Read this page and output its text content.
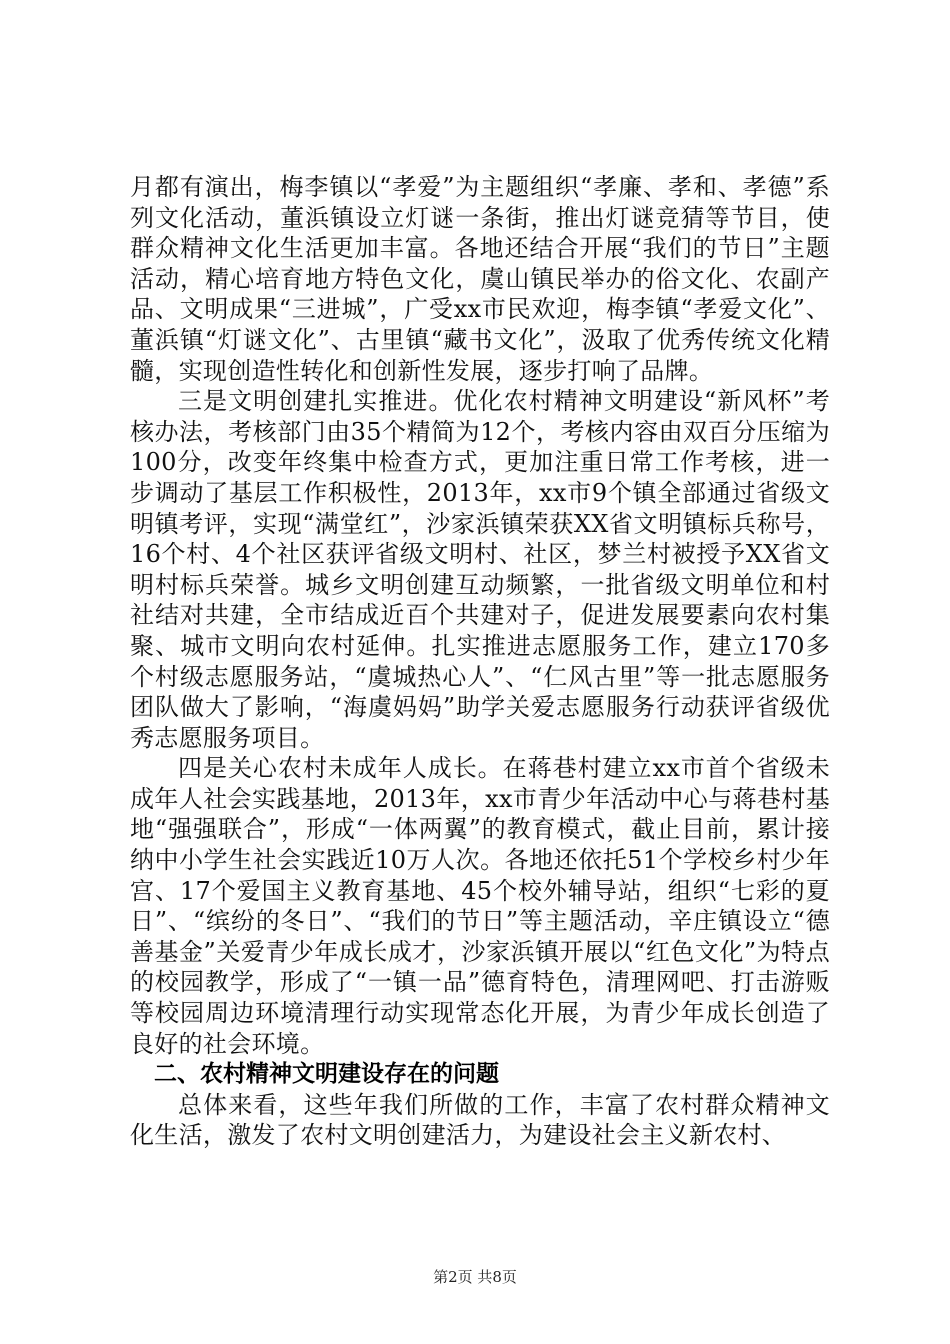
月都有演出，梅李镇以“孝爱”为主题组织“孝廉、孝和、孝德”系列文化活动，董浜镇设立灯谜一条街，推出灯谜竞猜等节目，使群众精神文化生活更加丰富。各地还结合开展“我们的节日”主题活动，精心培育地方特色文化，虞山镇民举办的俗文化、农副产品、文明成果“三进城”，广受xx市民欢迎，梅李镇“孝爱文化”、董浜镇“灯谜文化”、古里镇“藏书文化”，汲取了优秀传统文化精髓，实现创造性转化和创新性发展，逐步打响了品牌。

三是文明创建扎实推进。优化农村精神文明建设“新风杯”考核办法，考核部门由35个精简为12个，考核内容由双百分压缩为100分，改变年终集中检查方式，更加注重日常工作考核，进一步调动了基层工作积极性，2013年，xx市9个镇全部通过省级文明镇考评，实现“满堂红”，沙家浜镇荣获XX省文明镇标兵称号，16个村、4个社区获评省级文明村、社区，梦兰村被授予XX省文明村标兵荣誉。城乡文明创建互动频繁，一批省级文明单位和村社结对共建，全市结成近百个共建对子，促进发展要素向农村集聚、城市文明向农村延伸。扎实推进志愿服务工作，建立170多个村级志愿服务站，“虞城热心人”、“仁风古里”等一批志愿服务团队做大了影响，“海虞妈妈”助学关爱志愿服务行动获评省级优秀志愿服务项目。

四是关心农村未成年人成长。在蒋巷村建立xx市首个省级未成年人社会实践基地，2013年，xx市青少年活动中心与蒋巷村基地“强强联合”，形成“一体两翼”的教育模式，截止目前，累计接纳中小学生社会实践近10万人次。各地还依托51个学校乡村少年宫、17个爱国主义教育基地、45个校外辅导站，组织“七彩的夏日”、“缤纷的冬日”、“我们的节日”等主题活动，辛庄镇设立“德善基金”关爱青少年成长成才，沙家浜镇开展以“红色文化”为特点的校园教学，形成了“一镇一品”德育特色，清理网吧、打击游贩等校园周边环境清理行动实现常态化开展，为青少年成长创造了良好的社会环境。

二、农村精神文明建设存在的问题

总体来看，这些年我们所做的工作，丰富了农村群众精神文化生活，激发了农村文明创建活力，为建设社会主义新农村、

第2页 共8页
